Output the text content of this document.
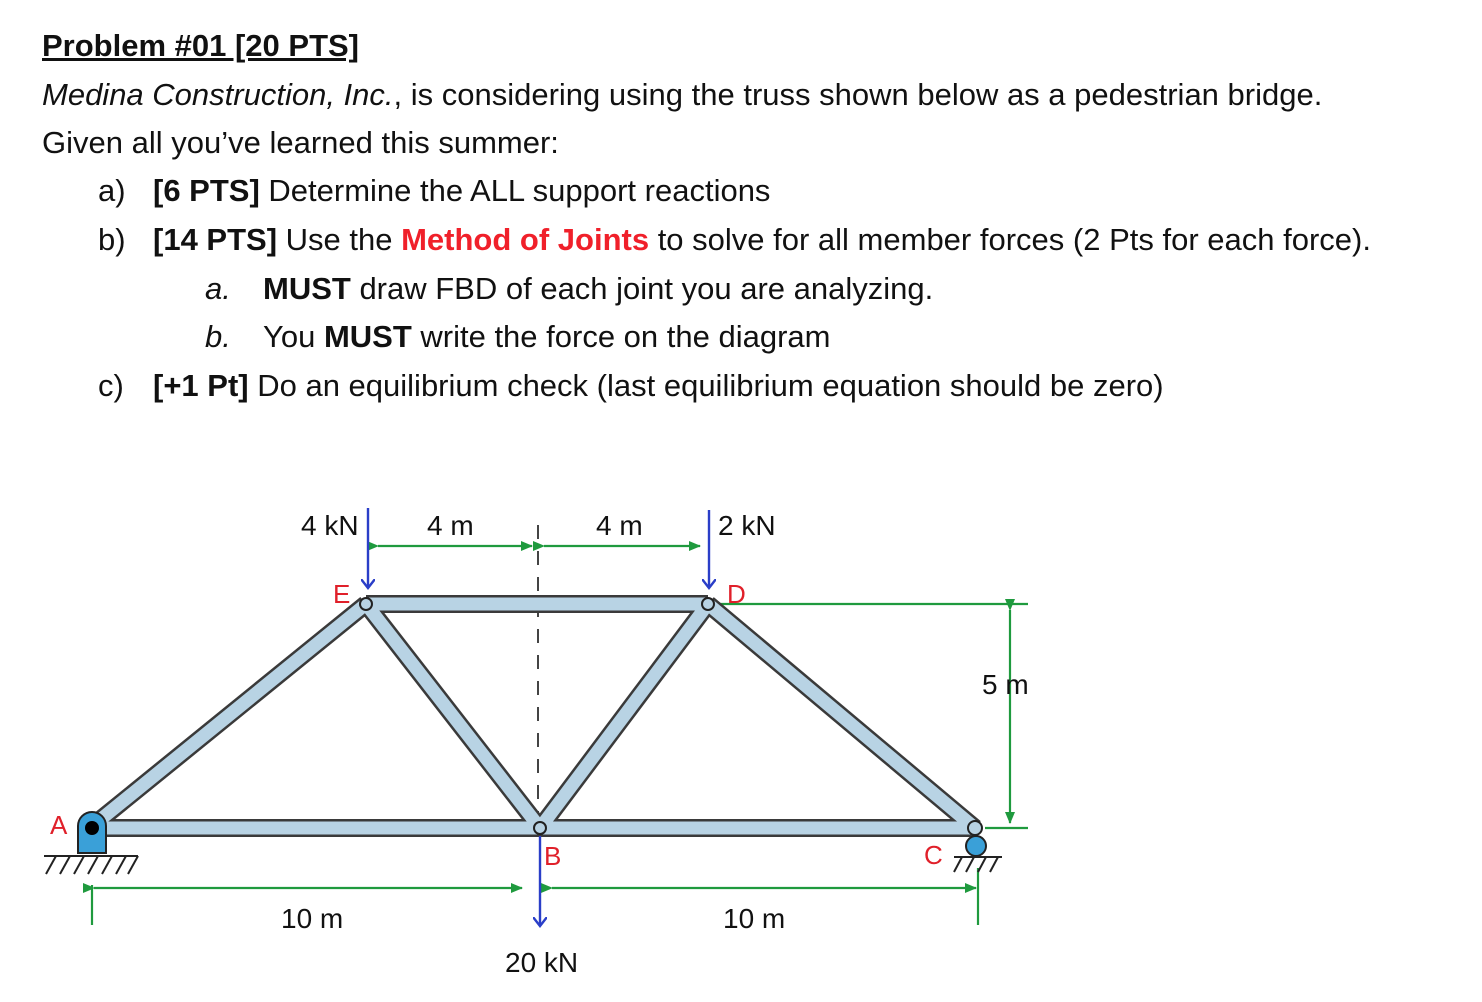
Problem #01 [20 PTS]
Medina Construction, Inc., is considering using the truss shown below as a pedestrian bridge.
Given all you’ve learned this summer:
a) [6 PTS] Determine the ALL support reactions
b) [14 PTS] Use the Method of Joints to solve for all member forces (2 Pts for each force).
a. MUST draw FBD of each joint you are analyzing.
b. You MUST write the force on the diagram
c) [+1 Pt] Do an equilibrium check (last equilibrium equation should be zero)
A
E	D
B	C
4 kN	2 kN
20 kN
4 m	4 m
5 m
10 m	10 m
